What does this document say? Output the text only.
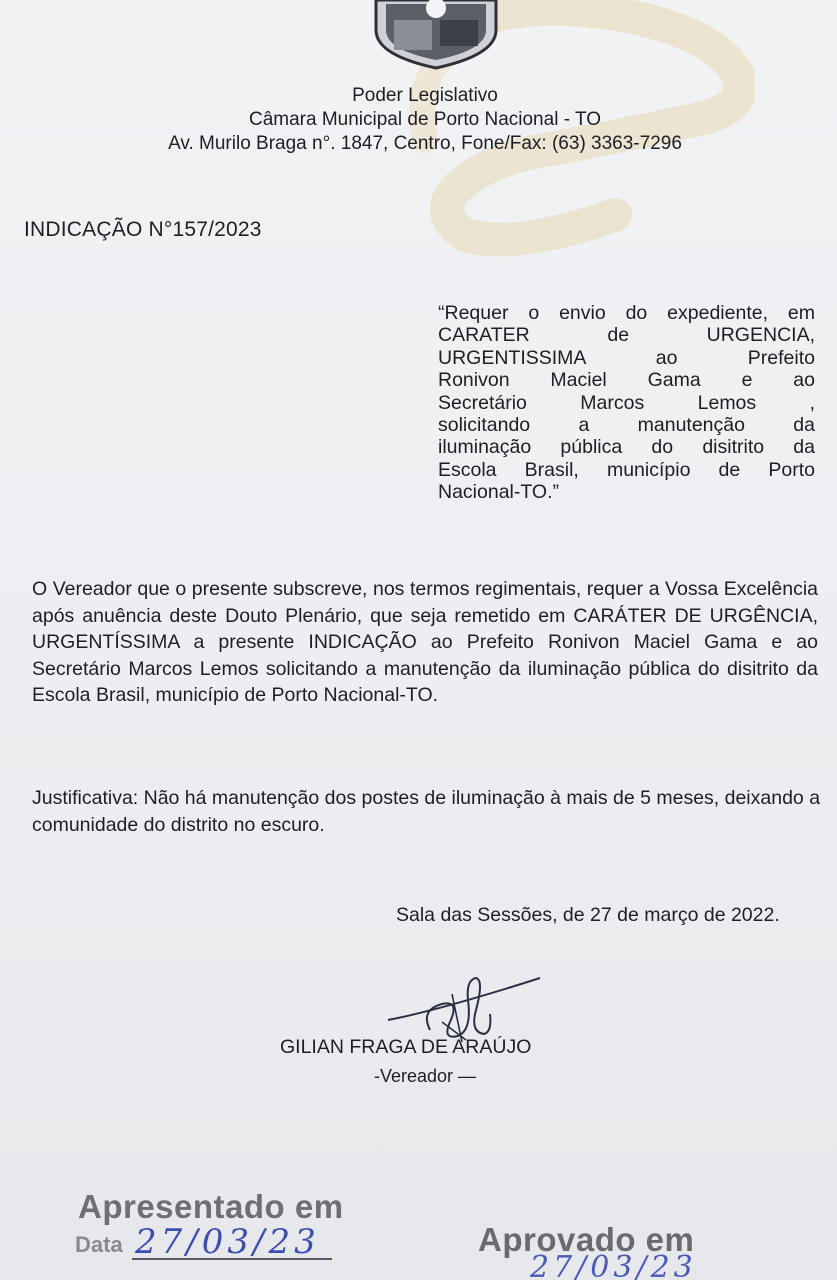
Poder Legislativo
Câmara Municipal de Porto Nacional - TO
Av. Murilo Braga n°. 1847, Centro, Fone/Fax: (63) 3363-7296
INDICAÇÃO N°157/2023
“Requer o envio do expediente, em
CARATER de URGENCIA,
URGENTISSIMA ao Prefeito
Ronivon Maciel Gama e ao
Secretário Marcos Lemos ,
solicitando a manutenção da
iluminação pública do disitrito da
Escola Brasil, município de Porto
Nacional-TO.”
O Vereador que o presente subscreve, nos termos regimentais, requer a Vossa Excelência após anuência deste Douto Plenário, que seja remetido em CARÁTER DE URGÊNCIA, URGENTÍSSIMA a presente INDICAÇÃO ao Prefeito Ronivon Maciel Gama e ao Secretário Marcos Lemos solicitando a manutenção da iluminação pública do disitrito da Escola Brasil, município de Porto Nacional-TO.
Justificativa: Não há manutenção dos postes de iluminação à mais de 5 meses, deixando a comunidade do distrito no escuro.
Sala das Sessões, de 27 de março de 2022.
GILIAN FRAGA DE ARAÚJO
-Vereador —
Apresentado em
Data 27/03/23	Aprovado em
27/03/23
